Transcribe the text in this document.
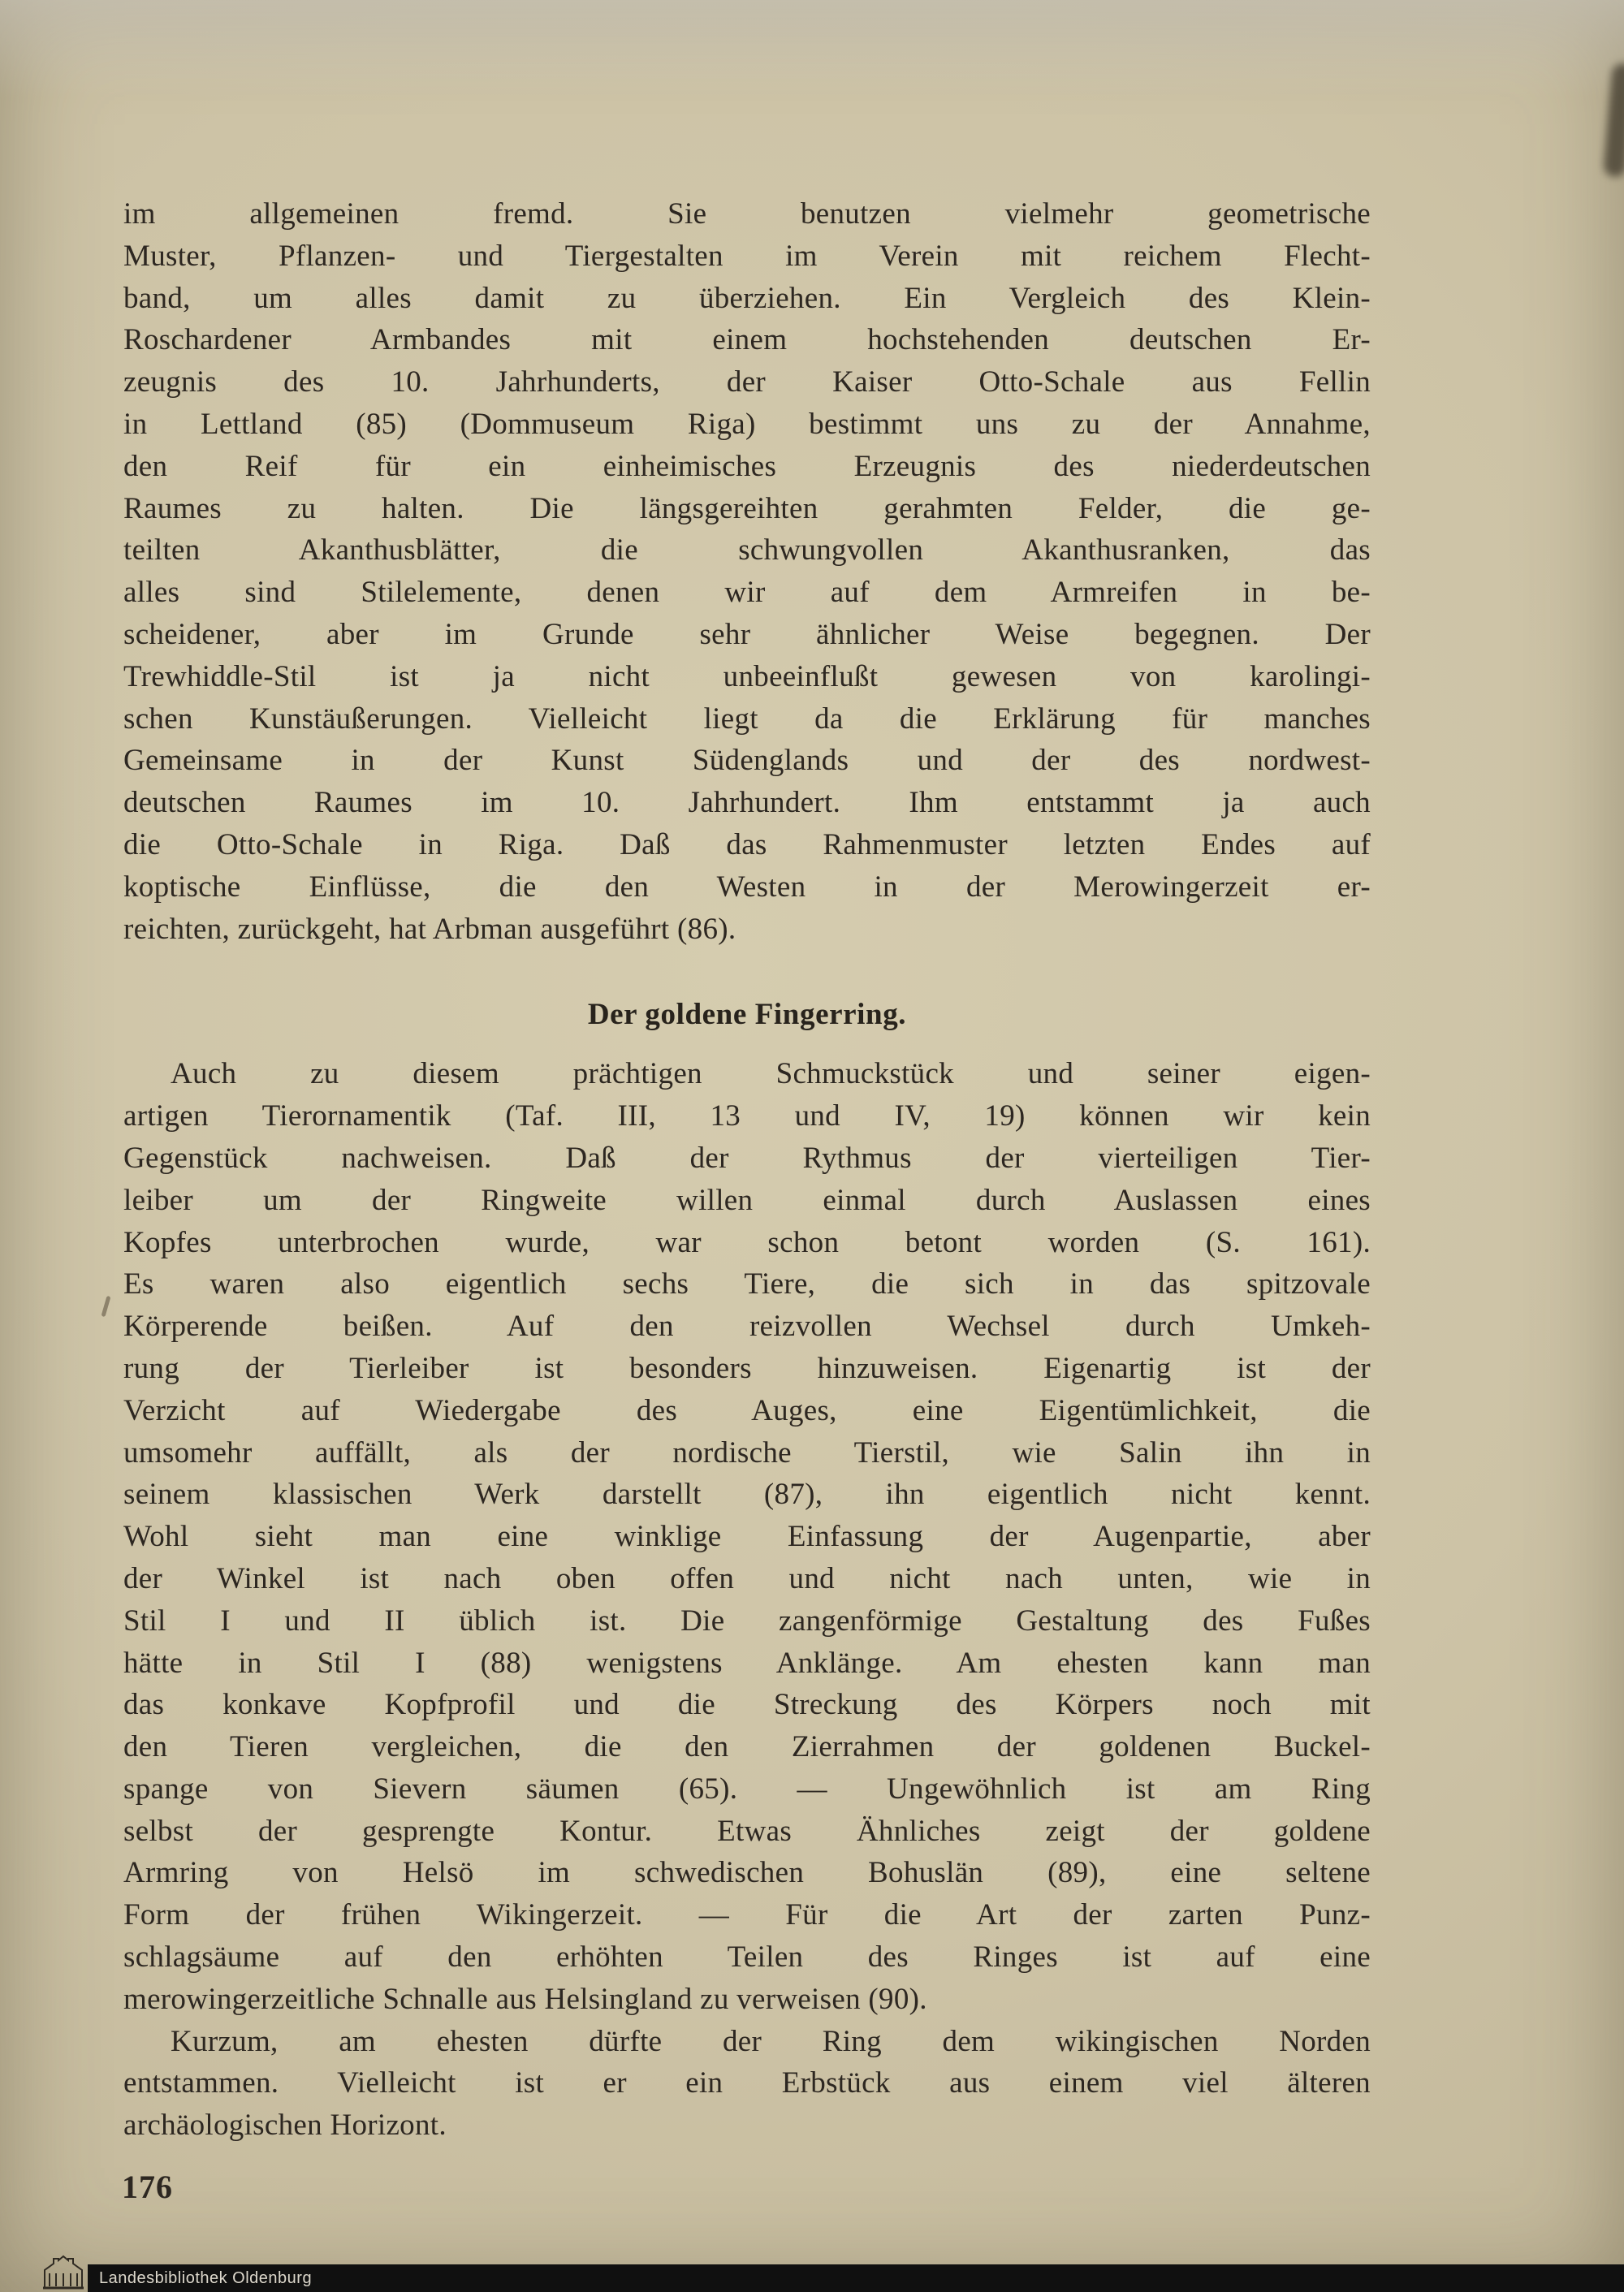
im allgemeinen fremd. Sie benutzen vielmehr geometrische
Muster, Pflanzen- und Tiergestalten im Verein mit reichem Flecht-
band, um alles damit zu überziehen. Ein Vergleich des Klein-
Roschardener Armbandes mit einem hochstehenden deutschen Er-
zeugnis des 10. Jahrhunderts, der Kaiser Otto-Schale aus Fellin
in Lettland (85) (Dommuseum Riga) bestimmt uns zu der Annahme,
den Reif für ein einheimisches Erzeugnis des niederdeutschen
Raumes zu halten. Die längsgereihten gerahmten Felder, die ge-
teilten Akanthusblätter, die schwungvollen Akanthusranken, das
alles sind Stilelemente, denen wir auf dem Armreifen in be-
scheidener, aber im Grunde sehr ähnlicher Weise begegnen. Der
Trewhiddle-Stil ist ja nicht unbeeinflußt gewesen von karolingi-
schen Kunstäußerungen. Vielleicht liegt da die Erklärung für manches
Gemeinsame in der Kunst Südenglands und der des nordwest-
deutschen Raumes im 10. Jahrhundert. Ihm entstammt ja auch
die Otto-Schale in Riga. Daß das Rahmenmuster letzten Endes auf
koptische Einflüsse, die den Westen in der Merowingerzeit er-
reichten, zurückgeht, hat Arbman ausgeführt (86).
Der goldene Fingerring.
Auch zu diesem prächtigen Schmuckstück und seiner eigen-
artigen Tierornamentik (Taf. III, 13 und IV, 19) können wir kein
Gegenstück nachweisen. Daß der Rythmus der vierteiligen Tier-
leiber um der Ringweite willen einmal durch Auslassen eines
Kopfes unterbrochen wurde, war schon betont worden (S. 161).
Es waren also eigentlich sechs Tiere, die sich in das spitzovale
Körperende beißen. Auf den reizvollen Wechsel durch Umkeh-
rung der Tierleiber ist besonders hinzuweisen. Eigenartig ist der
Verzicht auf Wiedergabe des Auges, eine Eigentümlichkeit, die
umsomehr auffällt, als der nordische Tierstil, wie Salin ihn in
seinem klassischen Werk darstellt (87), ihn eigentlich nicht kennt.
Wohl sieht man eine winklige Einfassung der Augenpartie, aber
der Winkel ist nach oben offen und nicht nach unten, wie in
Stil I und II üblich ist. Die zangenförmige Gestaltung des Fußes
hätte in Stil I (88) wenigstens Anklänge. Am ehesten kann man
das konkave Kopfprofil und die Streckung des Körpers noch mit
den Tieren vergleichen, die den Zierrahmen der goldenen Buckel-
spange von Sievern säumen (65). — Ungewöhnlich ist am Ring
selbst der gesprengte Kontur. Etwas Ähnliches zeigt der goldene
Armring von Helsö im schwedischen Bohuslän (89), eine seltene
Form der frühen Wikingerzeit. — Für die Art der zarten Punz-
schlagsäume auf den erhöhten Teilen des Ringes ist auf eine
merowingerzeitliche Schnalle aus Helsingland zu verweisen (90).
Kurzum, am ehesten dürfte der Ring dem wikingischen Norden
entstammen. Vielleicht ist er ein Erbstück aus einem viel älteren
archäologischen Horizont.
176
Landesbibliothek Oldenburg
